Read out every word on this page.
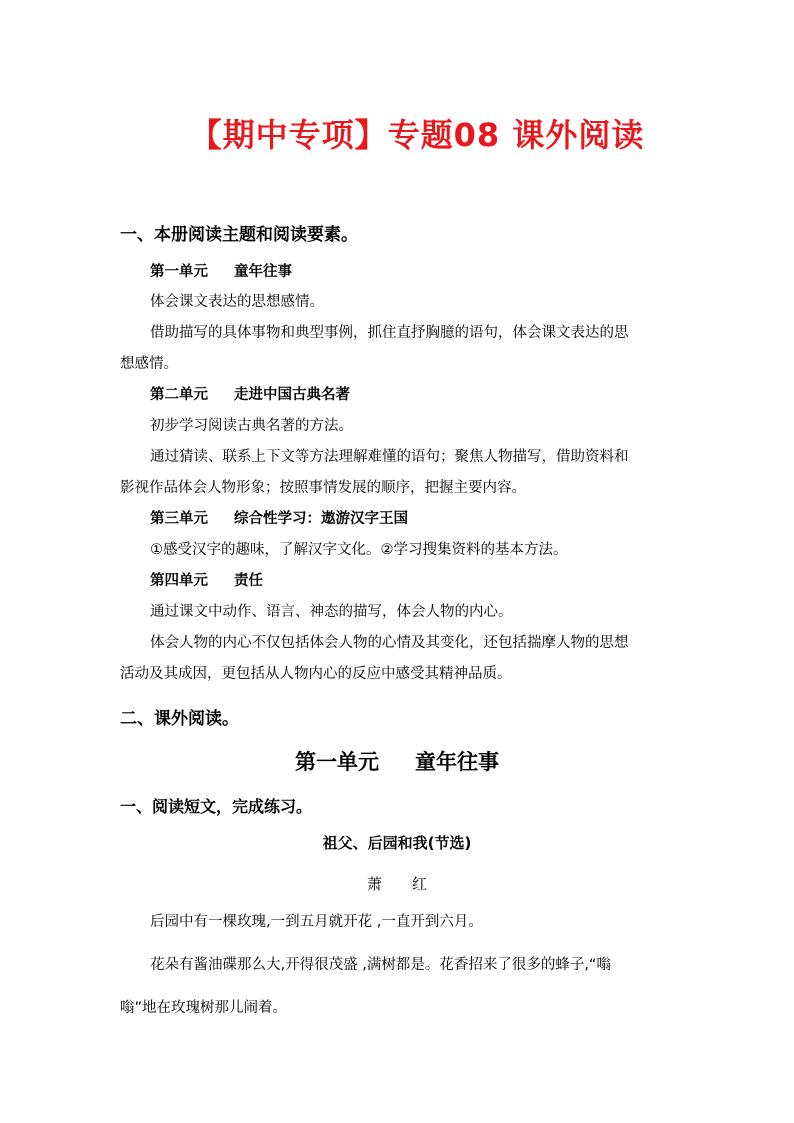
【期中专项】专题08 课外阅读
一、本册阅读主题和阅读要素。
第一单元 童年往事
体会课文表达的思想感情。
借助描写的具体事物和典型事例，抓住直抒胸臆的语句，体会课文表达的思
想感情。
第二单元 走进中国古典名著
初步学习阅读古典名著的方法。
通过猜读、联系上下文等方法理解难懂的语句；聚焦人物描写，借助资料和
影视作品体会人物形象；按照事情发展的顺序，把握主要内容。
第三单元 综合性学习：遨游汉字王国
①感受汉字的趣味，了解汉字文化。②学习搜集资料的基本方法。
第四单元 责任
通过课文中动作、语言、神态的描写，体会人物的内心。
体会人物的内心不仅包括体会人物的心情及其变化，还包括揣摩人物的思想
活动及其成因，更包括从人物内心的反应中感受其精神品质。
二、课外阅读。
第一单元 童年往事
一、阅读短文，完成练习。
祖父、后园和我(节选)
萧 红
后园中有一棵玫瑰,一到五月就开花 ,一直开到六月。
花朵有酱油碟那么大,开得很茂盛 ,满树都是。花香招来了很多的蜂子,“嗡
嗡”地在玫瑰树那儿闹着。
